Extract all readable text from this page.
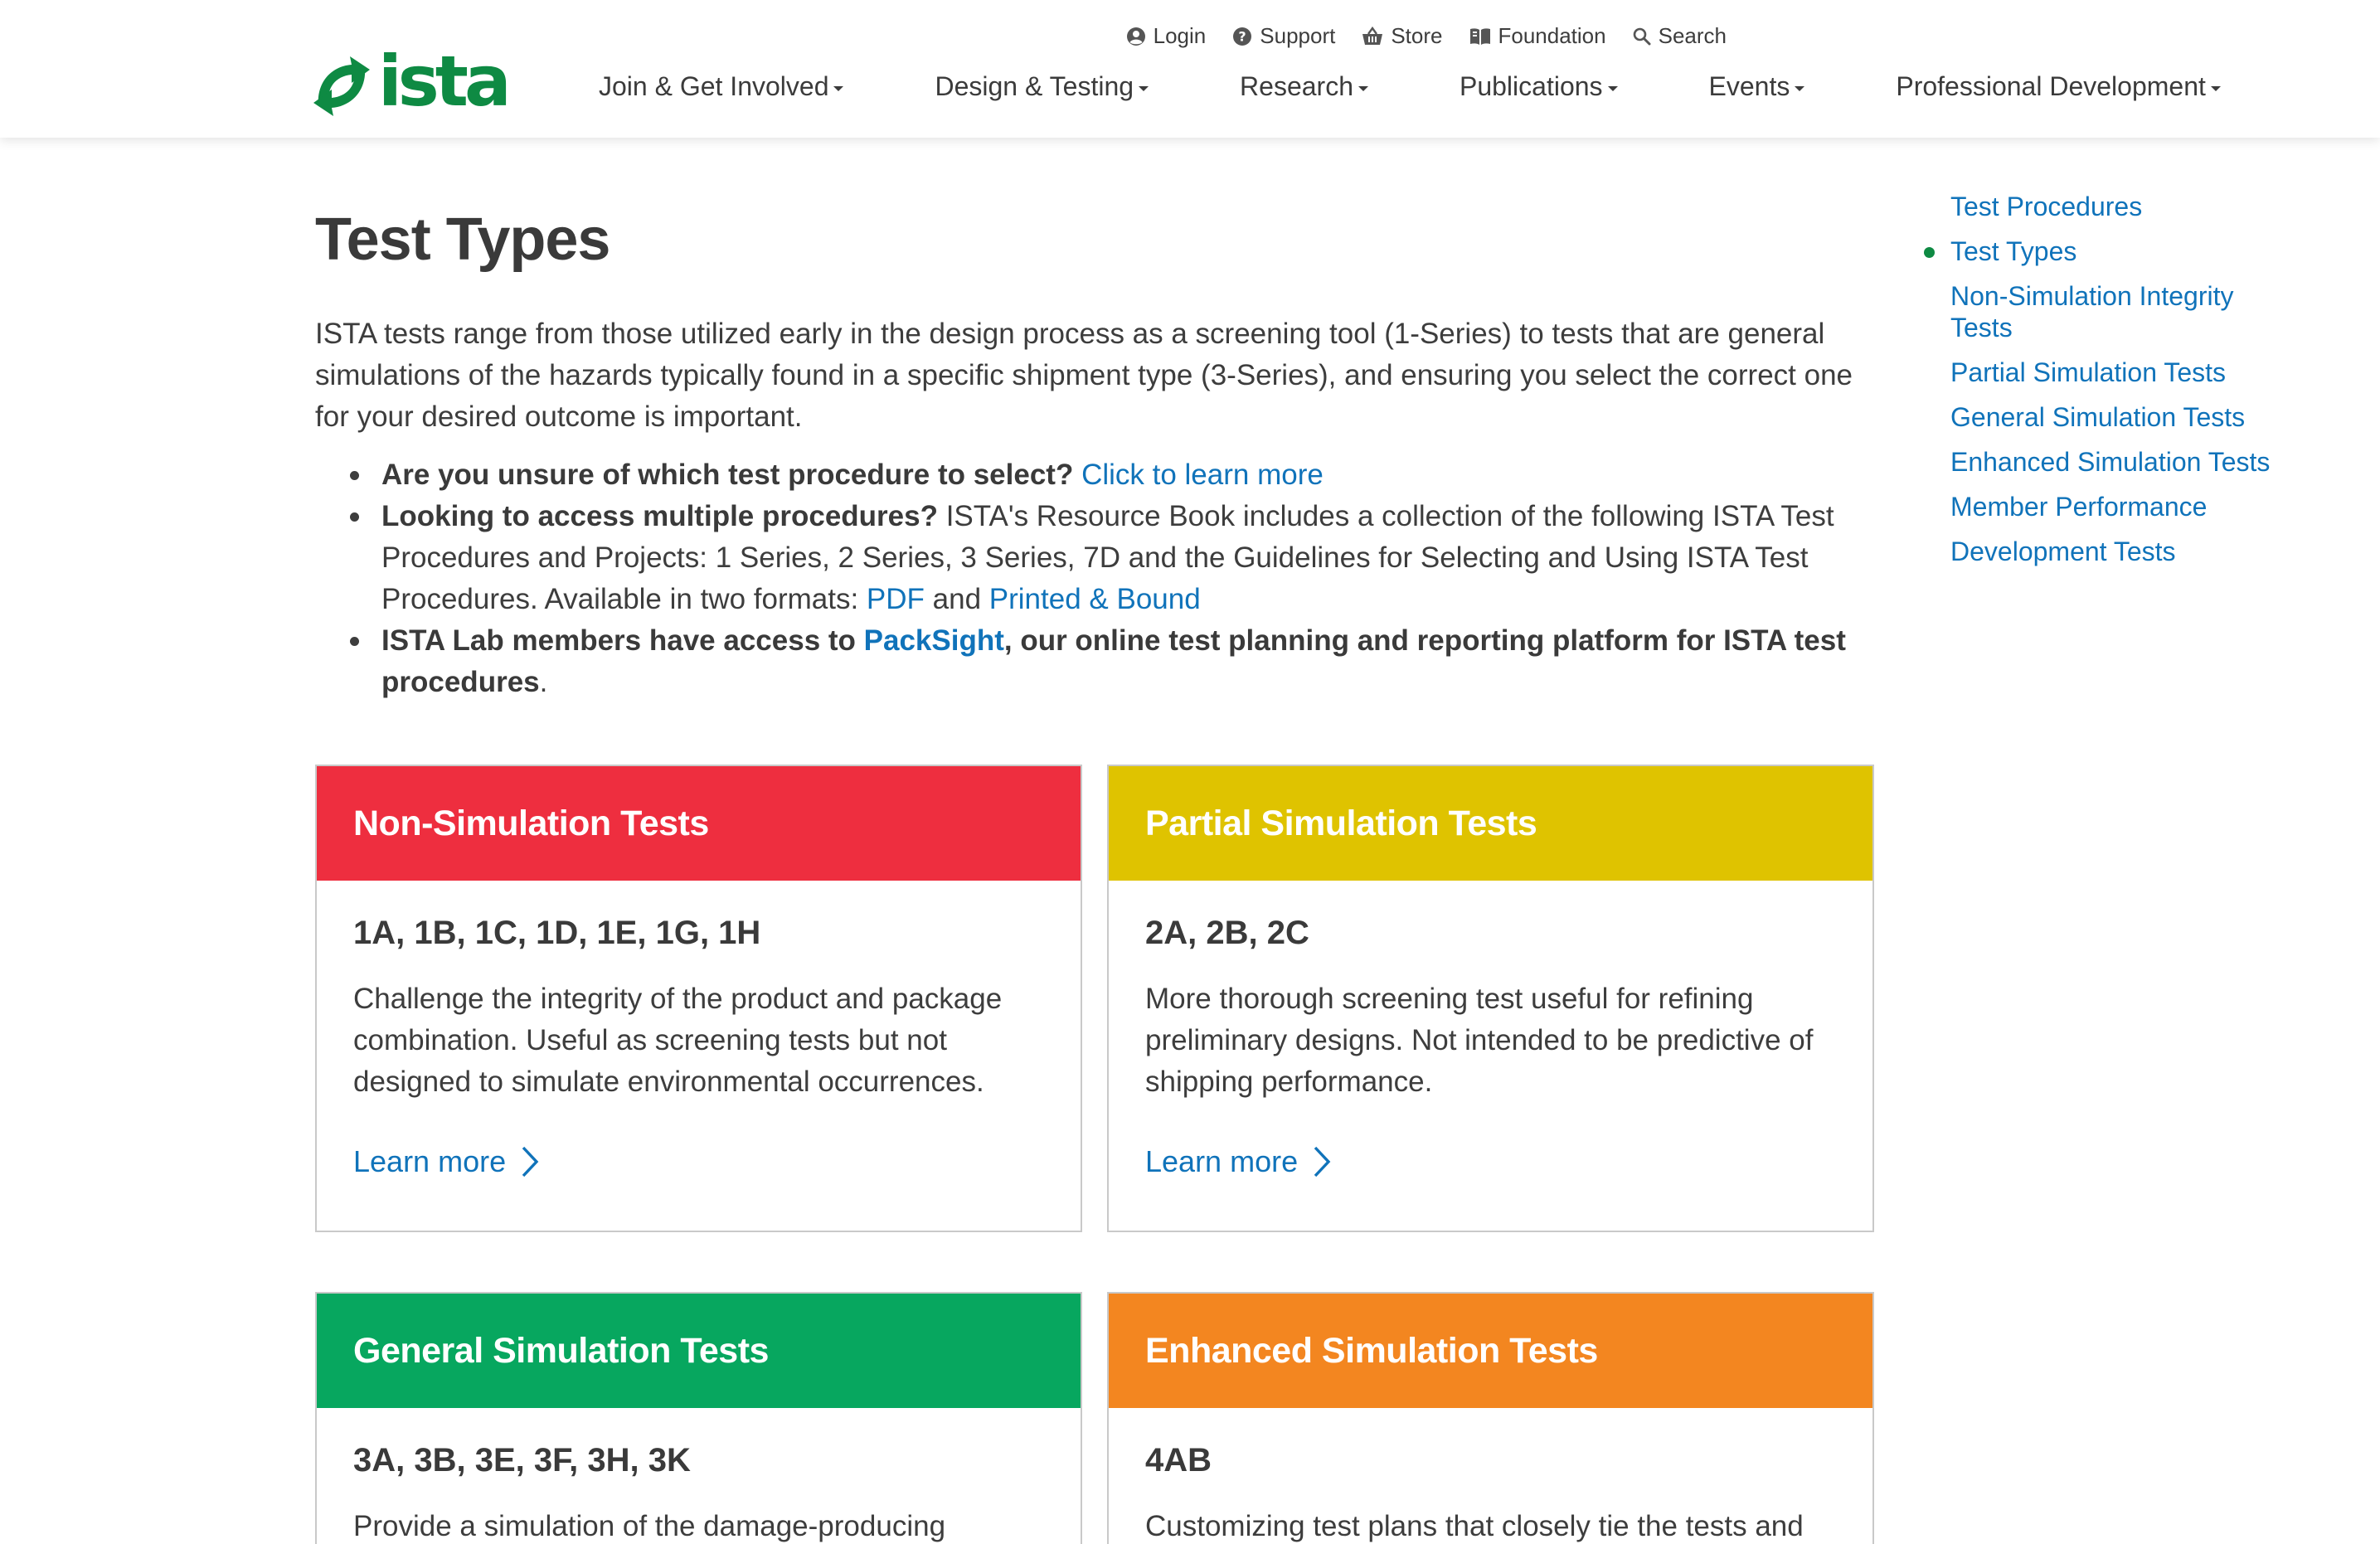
ista
Login ? Support	Store	Foundation Search
Join & Get Involved	Design & Testing	Research	Publications	Events	Professional Development
Test Types

ISTA tests range from those utilized early in the design process as a screening tool (1-Series) to tests that are general simulations of the hazards typically found in a specific shipment type (3-Series), and ensuring you select the correct one for your desired outcome is important.

Are you unsure of which test procedure to select? Click to learn more
Looking to access multiple procedures? ISTA's Resource Book includes a collection of the following ISTA Test Procedures and Projects: 1 Series, 2 Series, 3 Series, 7D and the Guidelines for Selecting and Using ISTA Test Procedures. Available in two formats: PDF and Printed & Bound
ISTA Lab members have access to PackSight, our online test planning and reporting platform for ISTA test procedures.
Non-Simulation Tests
1A, 1B, 1C, 1D, 1E, 1G, 1H
Challenge the integrity of the product and package combination. Useful as screening tests but not designed to simulate environmental occurrences.
Learn more
Partial Simulation Tests
2A, 2B, 2C
More thorough screening test useful for refining preliminary designs. Not intended to be predictive of shipping performance.
Learn more
General Simulation Tests
3A, 3B, 3E, 3F, 3H, 3K
Provide a simulation of the damage-producing
Enhanced Simulation Tests
4AB
Customizing test plans that closely tie the tests and
Test Procedures
Test Types
Non-Simulation Integrity Tests
Partial Simulation Tests
General Simulation Tests
Enhanced Simulation Tests
Member Performance
Development Tests
